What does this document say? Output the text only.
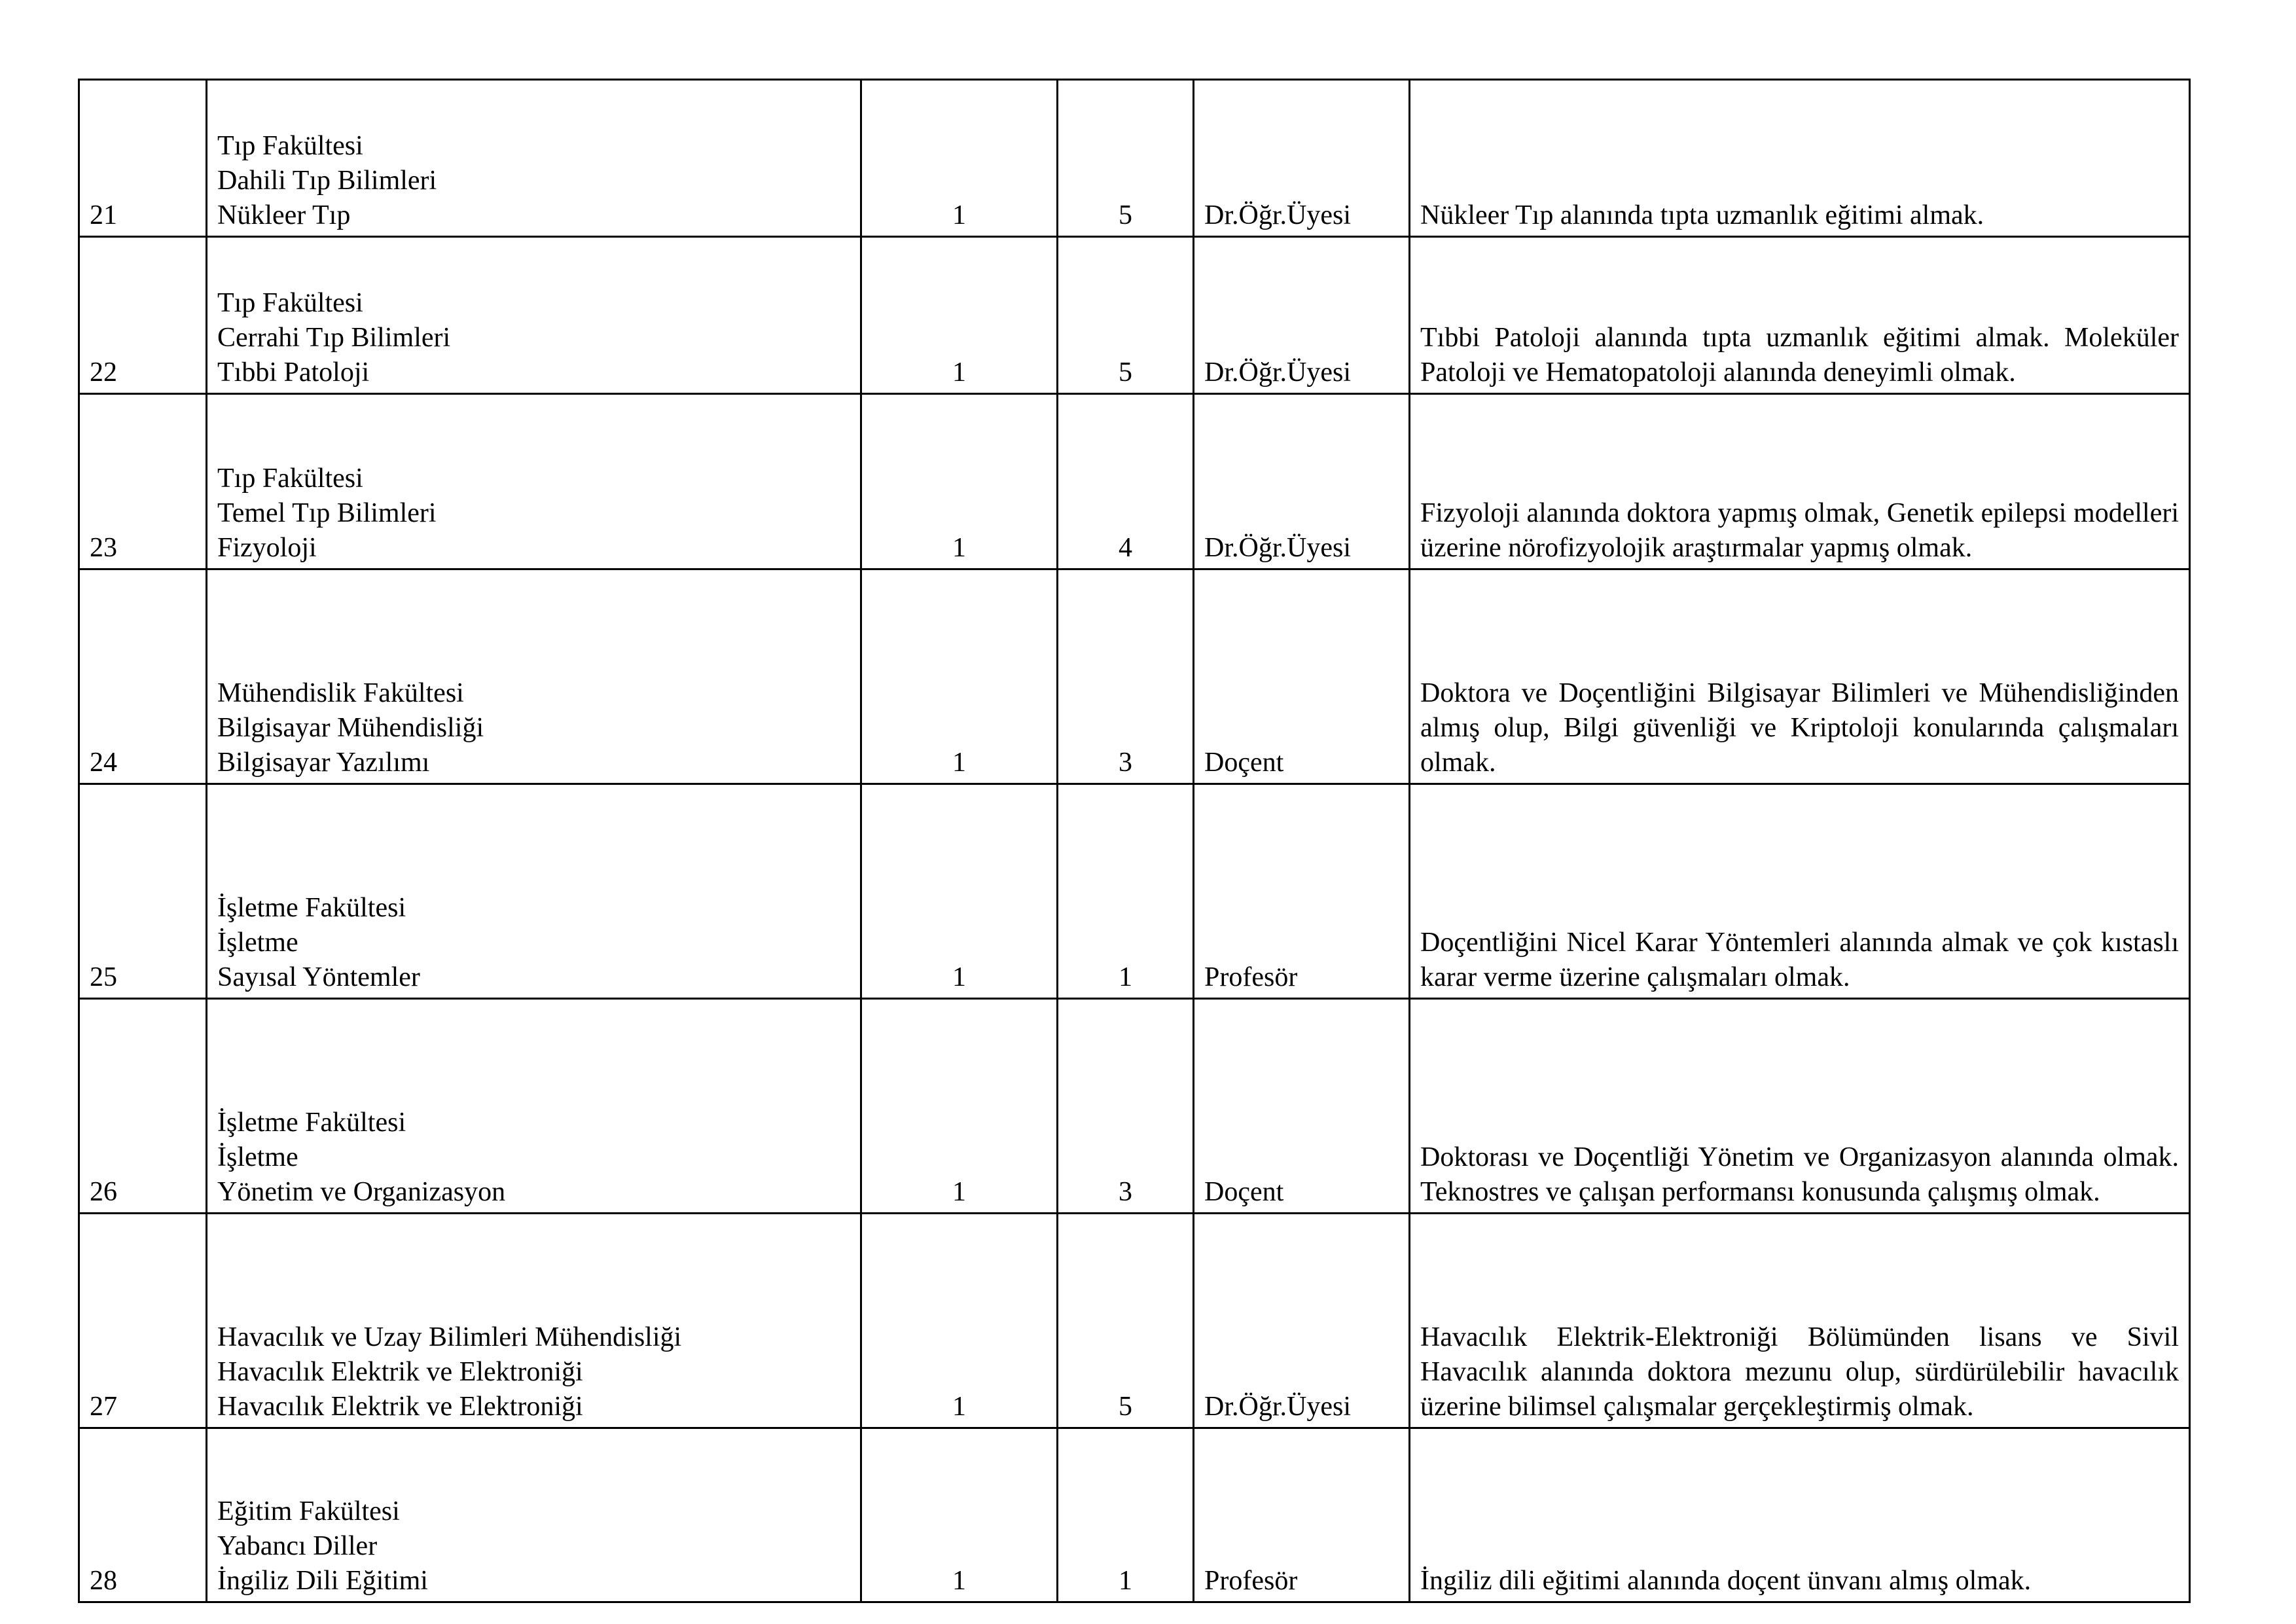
21	Tıp Fakültesi
Dahili Tıp Bilimleri
Nükleer Tıp	1	5	Dr.Öğr.Üyesi	Nükleer Tıp alanında tıpta uzmanlık eğitimi almak.
22	Tıp Fakültesi
Cerrahi Tıp Bilimleri
Tıbbi Patoloji	1	5	Dr.Öğr.Üyesi	Tıbbi Patoloji alanında tıpta uzmanlık eğitimi almak. Moleküler Patoloji ve Hematopatoloji alanında deneyimli olmak.
23	Tıp Fakültesi
Temel Tıp Bilimleri
Fizyoloji	1	4	Dr.Öğr.Üyesi	Fizyoloji alanında doktora yapmış olmak, Genetik epilepsi modelleri üzerine nörofizyolojik araştırmalar yapmış olmak.
24	Mühendislik Fakültesi
Bilgisayar Mühendisliği
Bilgisayar Yazılımı	1	3	Doçent	Doktora ve Doçentliğini Bilgisayar Bilimleri ve Mühendisliğinden almış olup, Bilgi güvenliği ve Kriptoloji konularında çalışmaları olmak.
25	İşletme Fakültesi
İşletme
Sayısal Yöntemler	1	1	Profesör	Doçentliğini Nicel Karar Yöntemleri alanında almak ve çok kıstaslı karar verme üzerine çalışmaları olmak.
26	İşletme Fakültesi
İşletme
Yönetim ve Organizasyon	1	3	Doçent	Doktorası ve Doçentliği Yönetim ve Organizasyon alanında olmak. Teknostres ve çalışan performansı konusunda çalışmış olmak.
27	Havacılık ve Uzay Bilimleri Mühendisliği
Havacılık Elektrik ve Elektroniği
Havacılık Elektrik ve Elektroniği	1	5	Dr.Öğr.Üyesi	Havacılık Elektrik-Elektroniği Bölümünden lisans ve Sivil Havacılık alanında doktora mezunu olup, sürdürülebilir havacılık üzerine bilimsel çalışmalar gerçekleştirmiş olmak.
28	Eğitim Fakültesi
Yabancı Diller
İngiliz Dili Eğitimi	1	1	Profesör	İngiliz dili eğitimi alanında doçent ünvanı almış olmak.
